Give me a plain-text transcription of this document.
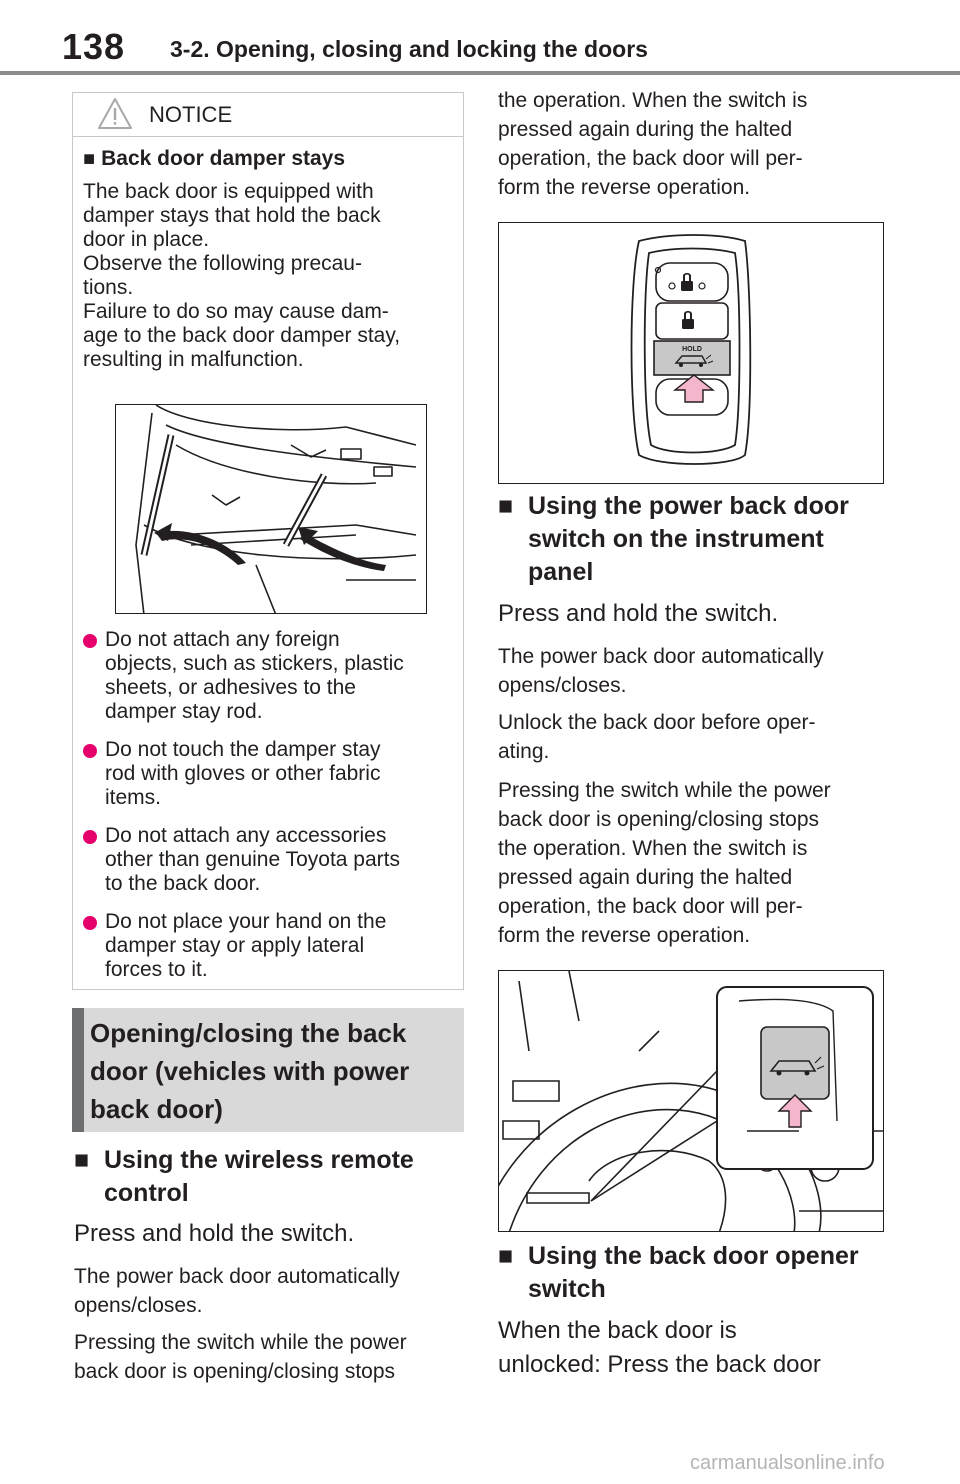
138 3-2. Opening, closing and locking the doors
NOTICE
■ Back door damper stays
The back door is equipped with
damper stays that hold the back
door in place.
Observe the following precau-
tions.
Failure to do so may cause dam-
age to the back door damper stay,
resulting in malfunction.
Do not attach any foreign
objects, such as stickers, plastic
sheets, or adhesives to the
damper stay rod.
Do not touch the damper stay
rod with gloves or other fabric
items.
Do not attach any accessories
other than genuine Toyota parts
to the back door.
Do not place your hand on the
damper stay or apply lateral
forces to it.
Opening/closing the back
door (vehicles with power
back door)
■ Using the wireless remote
control
Press and hold the switch.
The power back door automatically
opens/closes.
Pressing the switch while the power
back door is opening/closing stops
the operation. When the switch is
pressed again during the halted
operation, the back door will per-
form the reverse operation.
HOLD
■ Using the power back door
switch on the instrument
panel
Press and hold the switch.
The power back door automatically
opens/closes.
Unlock the back door before oper-
ating.
Pressing the switch while the power
back door is opening/closing stops
the operation. When the switch is
pressed again during the halted
operation, the back door will per-
form the reverse operation.
■ Using the back door opener
switch
When the back door is
unlocked: Press the back door
carmanualsonline.info
